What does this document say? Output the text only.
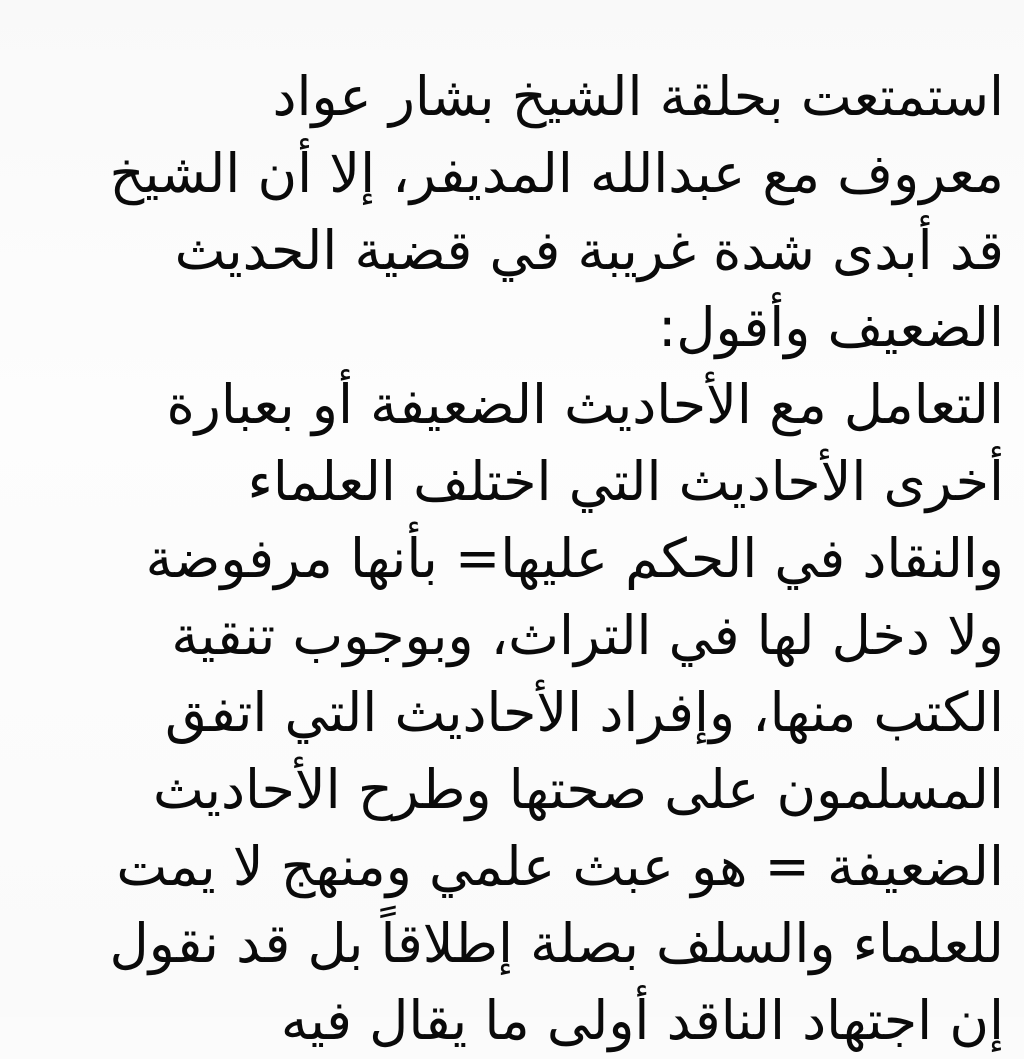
استمتعت بحلقة الشيخ بشار عواد
معروف مع عبدالله المديفر، إلا أن الشيخ
قد أبدى شدة غريبة في قضية الحديث
الضعيف وأقول:
التعامل مع الأحاديث الضعيفة أو بعبارة
أخرى الأحاديث التي اختلف العلماء
والنقاد في الحكم عليها= بأنها مرفوضة
ولا دخل لها في التراث، وبوجوب تنقية
الكتب منها، وإفراد الأحاديث التي اتفق
المسلمون على صحتها وطرح الأحاديث
الضعيفة = هو عبث علمي ومنهج لا يمت
للعلماء والسلف بصلة إطلاقاً بل قد نقول
إن اجتهاد الناقد أولى ما يقال فيه
